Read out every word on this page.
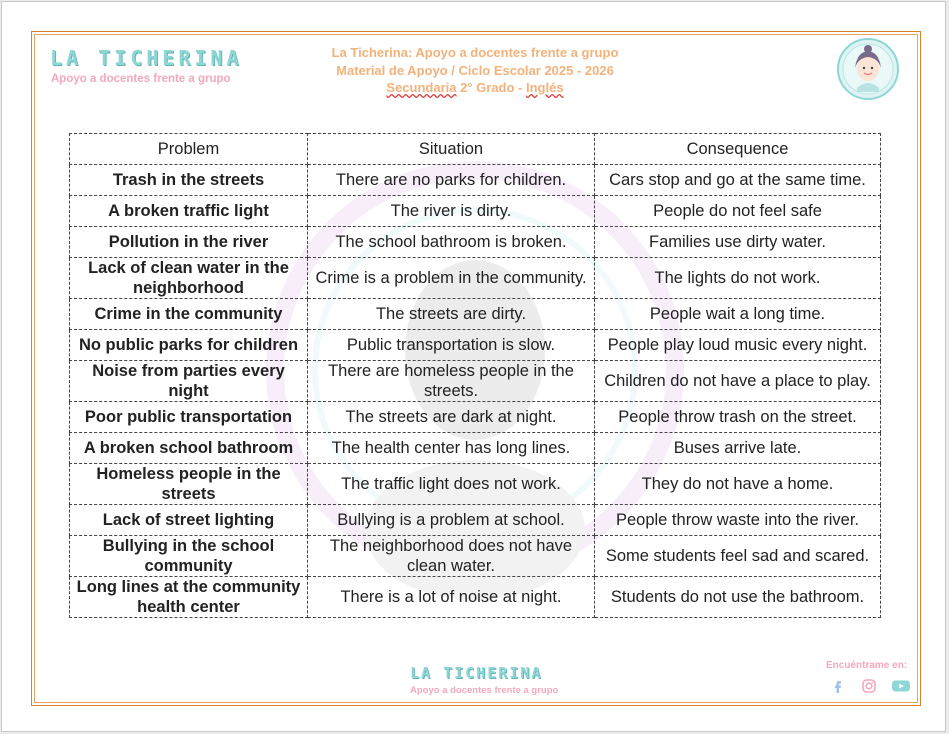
LA TICHERINA
Apoyo a docentes frente a grupo
La Ticherina: Apoyo a docentes frente a grupo
Material de Apoyo / Ciclo Escolar 2025 - 2026
Secundaria 2° Grado - Inglés
Problem	Situation	Consequence
Trash in the streets	There are no parks for children.	Cars stop and go at the same time.
A broken traffic light	The river is dirty.	People do not feel safe
Pollution in the river	The school bathroom is broken.	Families use dirty water.
Lack of clean water in the neighborhood	Crime is a problem in the community.	The lights do not work.
Crime in the community	The streets are dirty.	People wait a long time.
No public parks for children	Public transportation is slow.	People play loud music every night.
Noise from parties every night	There are homeless people in the streets.	Children do not have a place to play.
Poor public transportation	The streets are dark at night.	People throw trash on the street.
A broken school bathroom	The health center has long lines.	Buses arrive late.
Homeless people in the streets	The traffic light does not work.	They do not have a home.
Lack of street lighting	Bullying is a problem at school.	People throw waste into the river.
Bullying in the school community	The neighborhood does not have clean water.	Some students feel sad and scared.
Long lines at the community health center	There is a lot of noise at night.	Students do not use the bathroom.
LA TICHERINA
Apoyo a docentes frente a grupo
Encuéntrame en:
